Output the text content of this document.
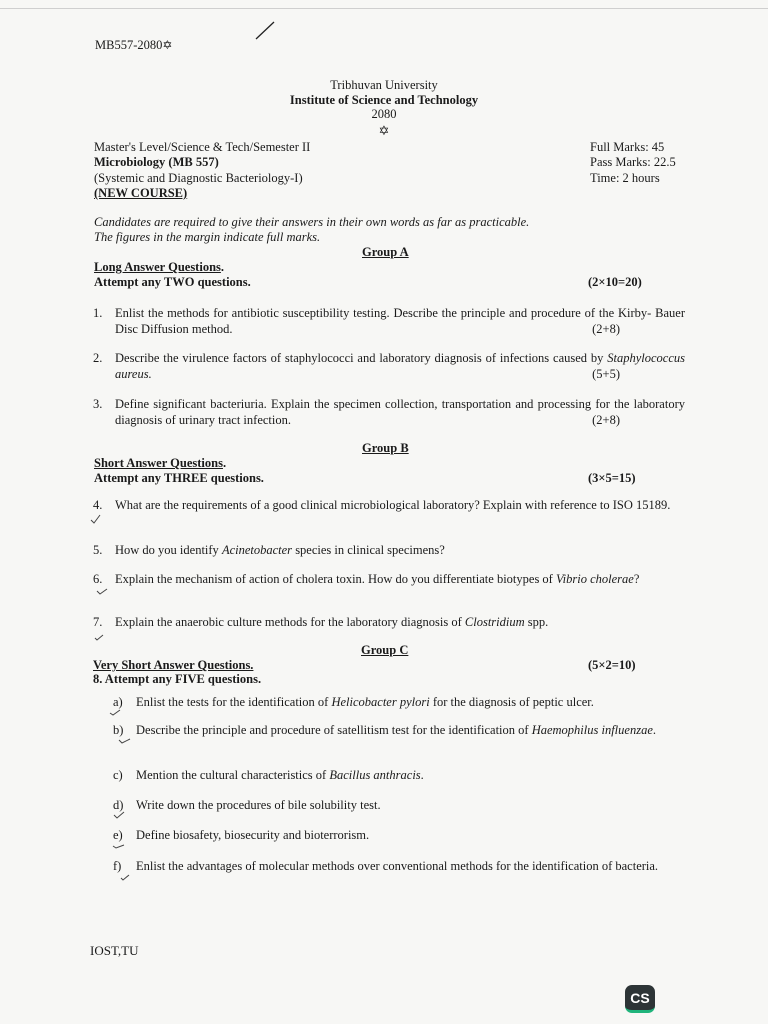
MB557-2080✡
Tribhuvan University
Institute of Science and Technology
2080
✡
Master's Level/Science & Tech/Semester II
Microbiology (MB 557)
(Systemic and Diagnostic Bacteriology-I)
(NEW COURSE)
Full Marks: 45
Pass Marks: 22.5
Time: 2 hours
Candidates are required to give their answers in their own words as far as practicable.
The figures in the margin indicate full marks.
Group A
Long Answer Questions.
Attempt any TWO questions.	(2×10=20)
1. Enlist the methods for antibiotic susceptibility testing. Describe the principle and procedure of the Kirby- Bauer Disc Diffusion method.	(2+8)
2. Describe the virulence factors of staphylococci and laboratory diagnosis of infections caused by Staphylococcus aureus.	(5+5)
3. Define significant bacteriuria. Explain the specimen collection, transportation and processing for the laboratory diagnosis of urinary tract infection.	(2+8)
Group B
Short Answer Questions.
Attempt any THREE questions.	(3×5=15)
4. What are the requirements of a good clinical microbiological laboratory? Explain with reference to ISO 15189.
5. How do you identify Acinetobacter species in clinical specimens?
6. Explain the mechanism of action of cholera toxin. How do you differentiate biotypes of Vibrio cholerae?
7. Explain the anaerobic culture methods for the laboratory diagnosis of Clostridium spp.
Group C
Very Short Answer Questions.	(5×2=10)
8. Attempt any FIVE questions.
a) Enlist the tests for the identification of Helicobacter pylori for the diagnosis of peptic ulcer.
b) Describe the principle and procedure of satellitism test for the identification of Haemophilus influenzae.
c) Mention the cultural characteristics of Bacillus anthracis.
d) Write down the procedures of bile solubility test.
e) Define biosafety, biosecurity and bioterrorism.
f) Enlist the advantages of molecular methods over conventional methods for the identification of bacteria.
IOST,TU
CS
